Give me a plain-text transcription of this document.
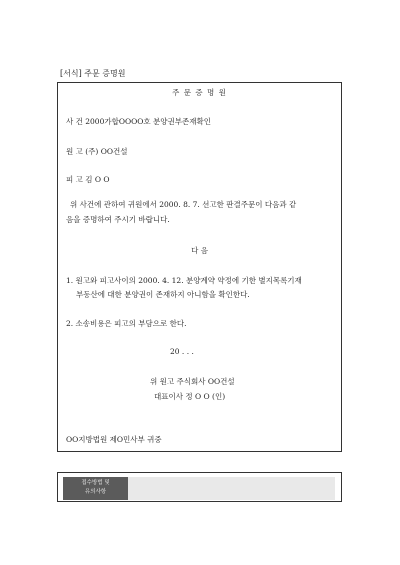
[서식] 주문 증명원
주 문 증 명 원
사 건 2000가합OOOO호 분양권부존재확인
원 고 (주) OO건설
피 고 김 O O
위 사건에 관하여 귀원에서 2000. 8. 7. 선고한 판결주문이 다음과 같
음을 증명하여 주시기 바랍니다.
다 음
1. 원고와 피고사이의 2000. 4. 12. 분양계약 약정에 기한 별지목록기재
부동산에 대한 분양권이 존재하지 아니함을 확인한다.
2. 소송비용은 피고의 부담으로 한다.
20 . . .
위 원고 주식회사 OO건설
대표이사 정 O O (인)
OO지방법원 제O민사부 귀중
접수방법 및
유의사항
